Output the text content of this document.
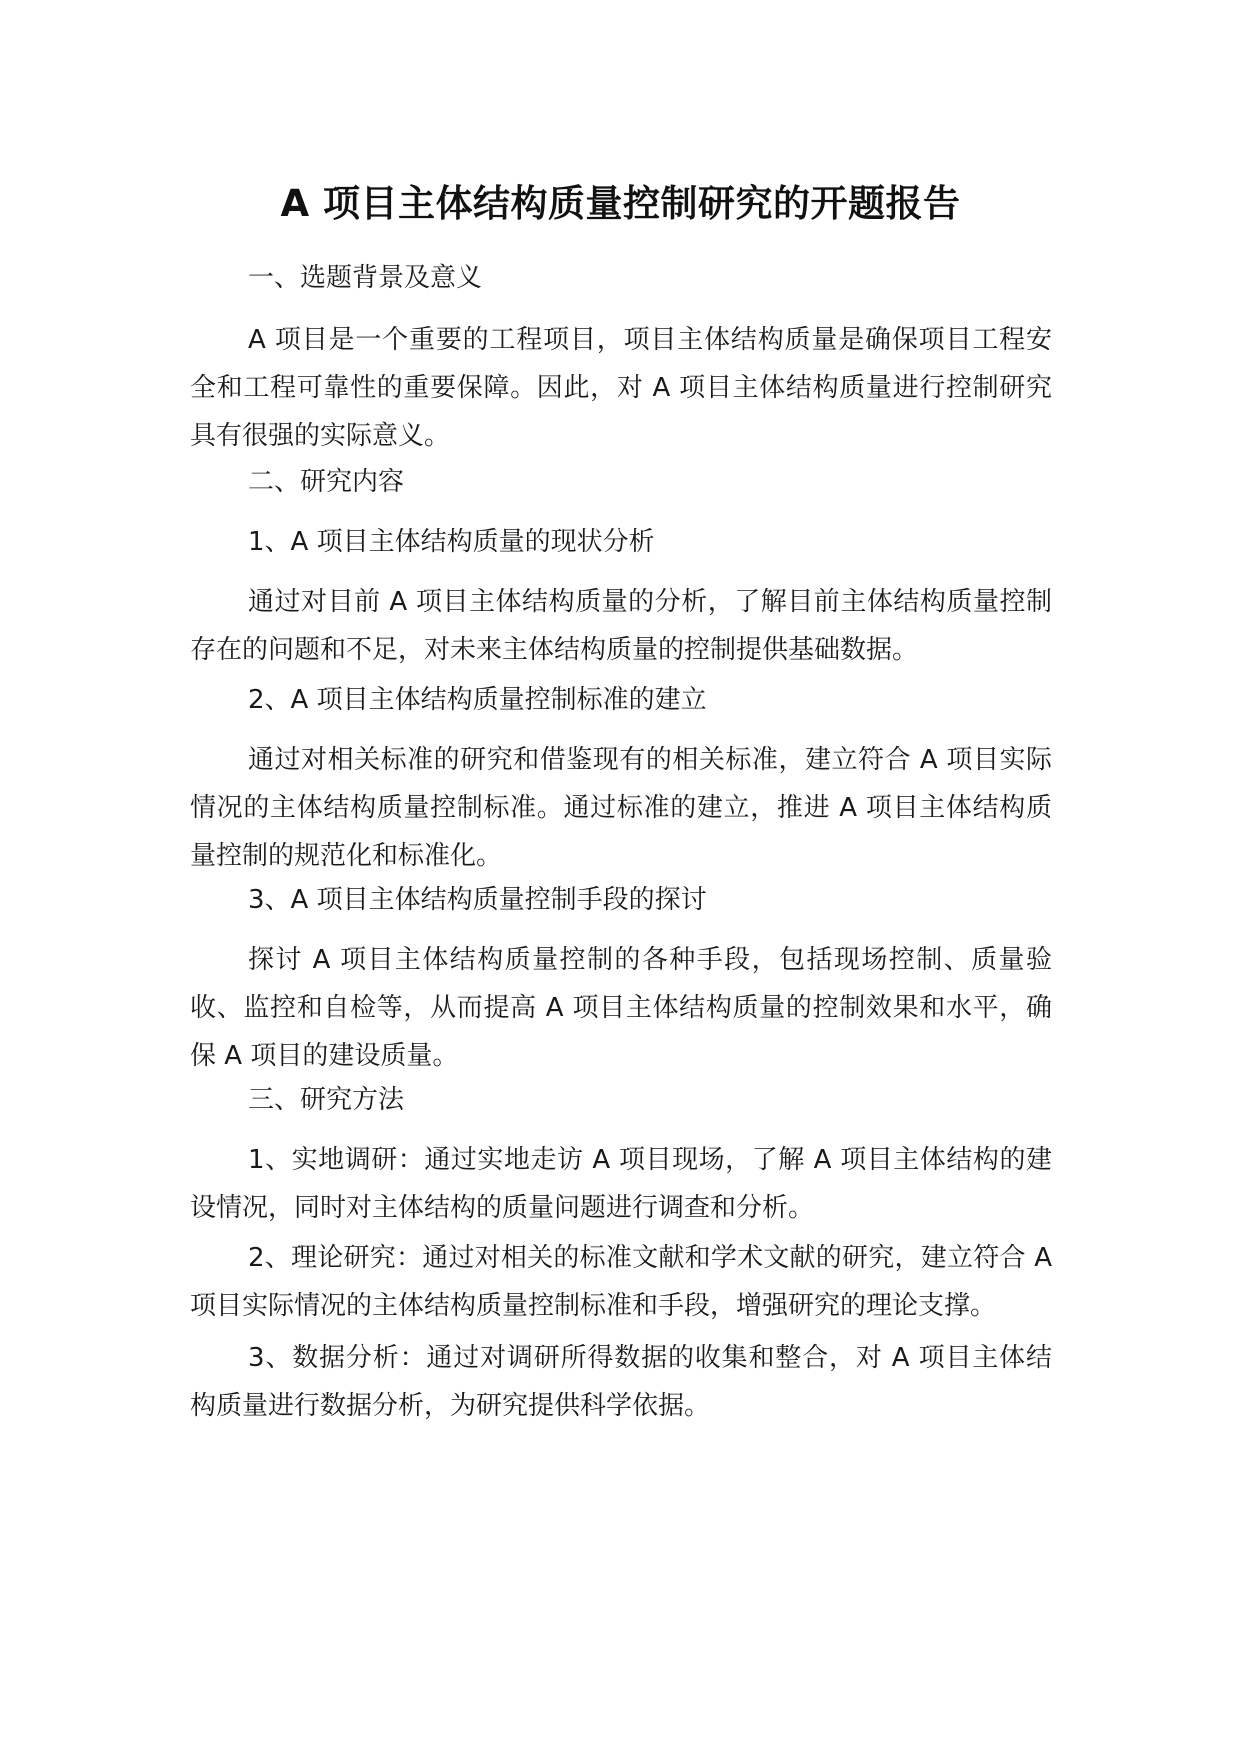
A 项目主体结构质量控制研究的开题报告
一、选题背景及意义
A 项目是一个重要的工程项目，项目主体结构质量是确保项目工程安全和工程可靠性的重要保障。因此，对 A 项目主体结构质量进行控制研究具有很强的实际意义。
二、研究内容
1、A 项目主体结构质量的现状分析
通过对目前 A 项目主体结构质量的分析，了解目前主体结构质量控制存在的问题和不足，对未来主体结构质量的控制提供基础数据。
2、A 项目主体结构质量控制标准的建立
通过对相关标准的研究和借鉴现有的相关标准，建立符合 A 项目实际情况的主体结构质量控制标准。通过标准的建立，推进 A 项目主体结构质量控制的规范化和标准化。
3、A 项目主体结构质量控制手段的探讨
探讨 A 项目主体结构质量控制的各种手段，包括现场控制、质量验收、监控和自检等，从而提高 A 项目主体结构质量的控制效果和水平，确保 A 项目的建设质量。
三、研究方法
1、实地调研：通过实地走访 A 项目现场，了解 A 项目主体结构的建设情况，同时对主体结构的质量问题进行调查和分析。
2、理论研究：通过对相关的标准文献和学术文献的研究，建立符合 A 项目实际情况的主体结构质量控制标准和手段，增强研究的理论支撑。
3、数据分析：通过对调研所得数据的收集和整合，对 A 项目主体结构质量进行数据分析，为研究提供科学依据。
